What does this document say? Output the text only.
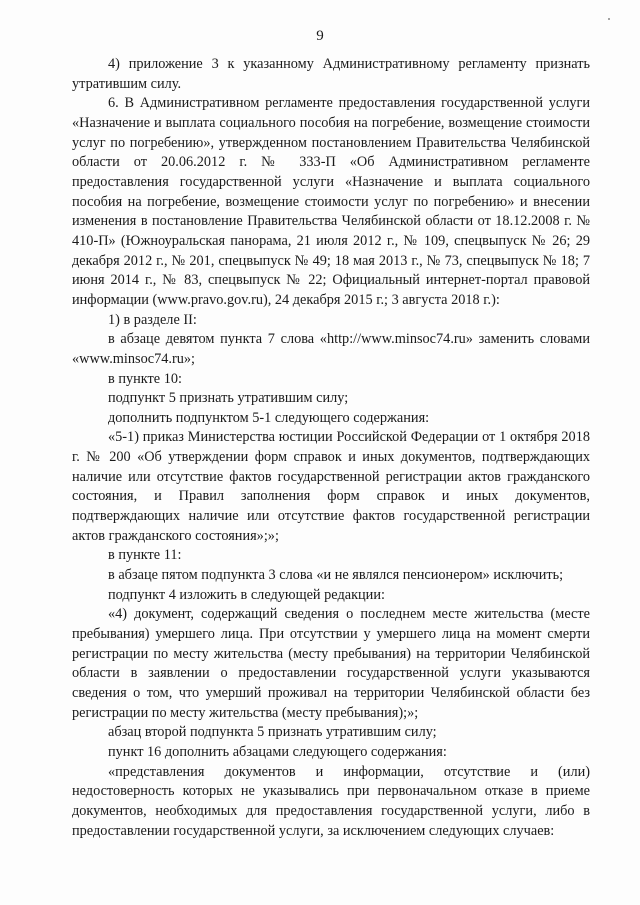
9

4) приложение 3 к указанному Административному регламенту признать утратившим силу.

6. В Административном регламенте предоставления государственной услуги «Назначение и выплата социального пособия на погребение, возмещение стоимости услуг по погребению», утвержденном постановлением Правительства Челябинской области от 20.06.2012 г. № 333-П «Об Административном регламенте предоставления государственной услуги «Назначение и выплата социального пособия на погребение, возмещение стоимости услуг по погребению» и внесении изменения в постановление Правительства Челябинской области от 18.12.2008 г. № 410-П» (Южноуральская панорама, 21 июля 2012 г., № 109, спецвыпуск № 26; 29 декабря 2012 г., № 201, спецвыпуск № 49; 18 мая 2013 г., № 73, спецвыпуск № 18; 7 июня 2014 г., № 83, спецвыпуск № 22; Официальный интернет-портал правовой информации (www.pravo.gov.ru), 24 декабря 2015 г.; 3 августа 2018 г.):

1) в разделе II:

в абзаце девятом пункта 7 слова «http://www.minsoc74.ru» заменить словами «www.minsoc74.ru»;

в пункте 10:

подпункт 5 признать утратившим силу;

дополнить подпунктом 5-1 следующего содержания:

«5-1) приказ Министерства юстиции Российской Федерации от 1 октября 2018 г. № 200 «Об утверждении форм справок и иных документов, подтверждающих наличие или отсутствие фактов государственной регистрации актов гражданского состояния, и Правил заполнения форм справок и иных документов, подтверждающих наличие или отсутствие фактов государственной регистрации актов гражданского состояния»;»;

в пункте 11:

в абзаце пятом подпункта 3 слова «и не являлся пенсионером» исключить;

подпункт 4 изложить в следующей редакции:

«4) документ, содержащий сведения о последнем месте жительства (месте пребывания) умершего лица. При отсутствии у умершего лица на момент смерти регистрации по месту жительства (месту пребывания) на территории Челябинской области в заявлении о предоставлении государственной услуги указываются сведения о том, что умерший проживал на территории Челябинской области без регистрации по месту жительства (месту пребывания);»;

абзац второй подпункта 5 признать утратившим силу;

пункт 16 дополнить абзацами следующего содержания:

«представления документов и информации, отсутствие и (или) недостоверность которых не указывались при первоначальном отказе в приеме документов, необходимых для предоставления государственной услуги, либо в предоставлении государственной услуги, за исключением следующих случаев:
